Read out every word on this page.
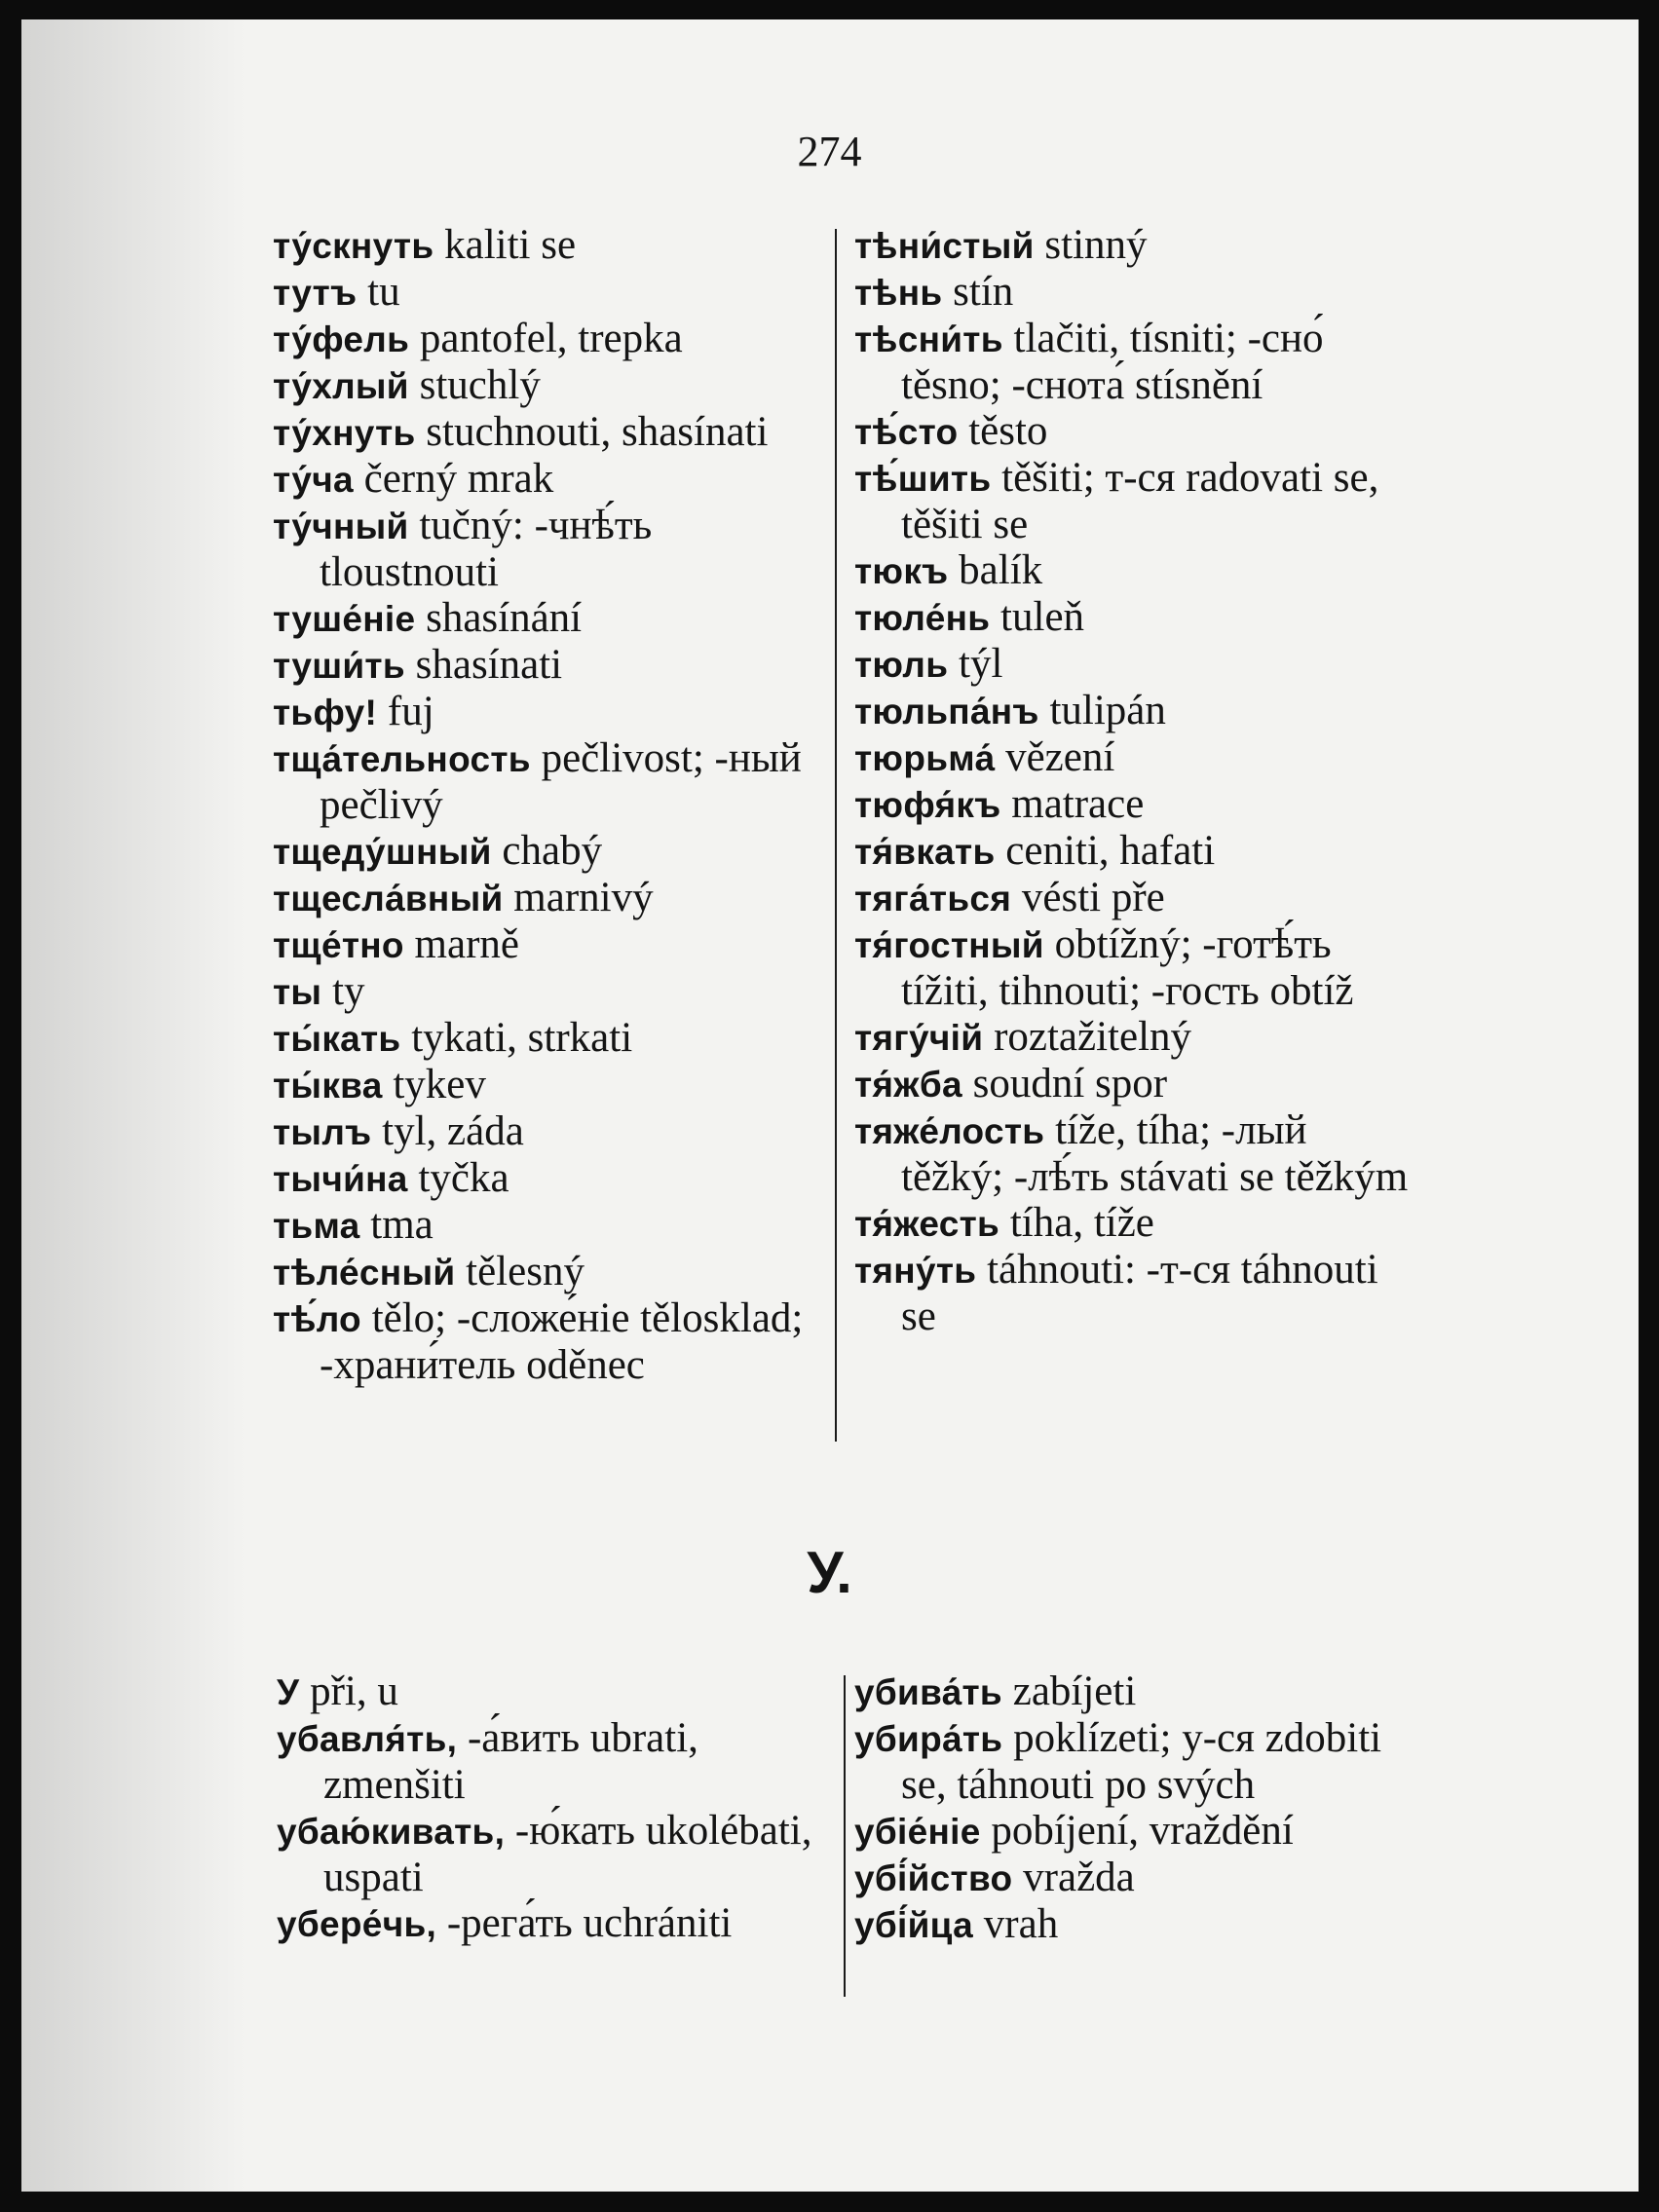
274
ту́скнуть kaliti se
тутъ tu
ту́фель pantofel, trepka
ту́хлый stuchlý
ту́хнуть stuchnouti, shasínati
ту́ча černý mrak
ту́чный tučný: -чнѣ́ть tloustnouti
туше́ніе shasínání
туши́ть shasínati
тьфу! fuj
тща́тельность pečlivost; -ный pečlivý
тщеду́шный chabý
тщесла́вный marnivý
тще́тно marně
ты ty
ты́кать tykati, strkati
ты́ква tykev
тылъ tyl, záda
тычи́на tyčka
тьма tma
тѣле́сный tělesný
тѣ́ло tělo; -сложе́ніе tělosklad; -храни́тель oděnec
тѣни́стый stinný
тѣнь stín
тѣсни́ть tlačiti, tísniti; -сно́ těsno; -снота́ stísnění
тѣ́сто těsto
тѣ́шить těšiti; т-ся radovati se, těšiti se
тюкъ balík
тюле́нь tuleň
тюль týl
тюльпа́нъ tulipán
тюрьма́ vězení
тюфя́къ matrace
тя́вкать ceniti, hafati
тяга́ться vésti pře
тя́гостный obtížný; -готѣ́ть tížiti, tihnouti; -гость obtíž
тягу́чій roztažitelný
тя́жба soudní spor
тяже́лость tíže, tíha; -лый těžký; -лѣ́ть stávati se těžkým
тя́жесть tíha, tíže
тяну́ть táhnouti: -т-ся táhnouti se
У.
У při, u
убавля́ть, -а́вить ubrati, zmenšiti
убаю́кивать, -ю́кать ukolébati, uspati
убере́чь, -рега́ть uchrániti
убива́ть zabíjeti
убира́ть poklízeti; у-ся zdobiti se, táhnouti po svých
убіе́ніе pobíjení, vraždění
убі́йство vražda
убі́йца vrah
